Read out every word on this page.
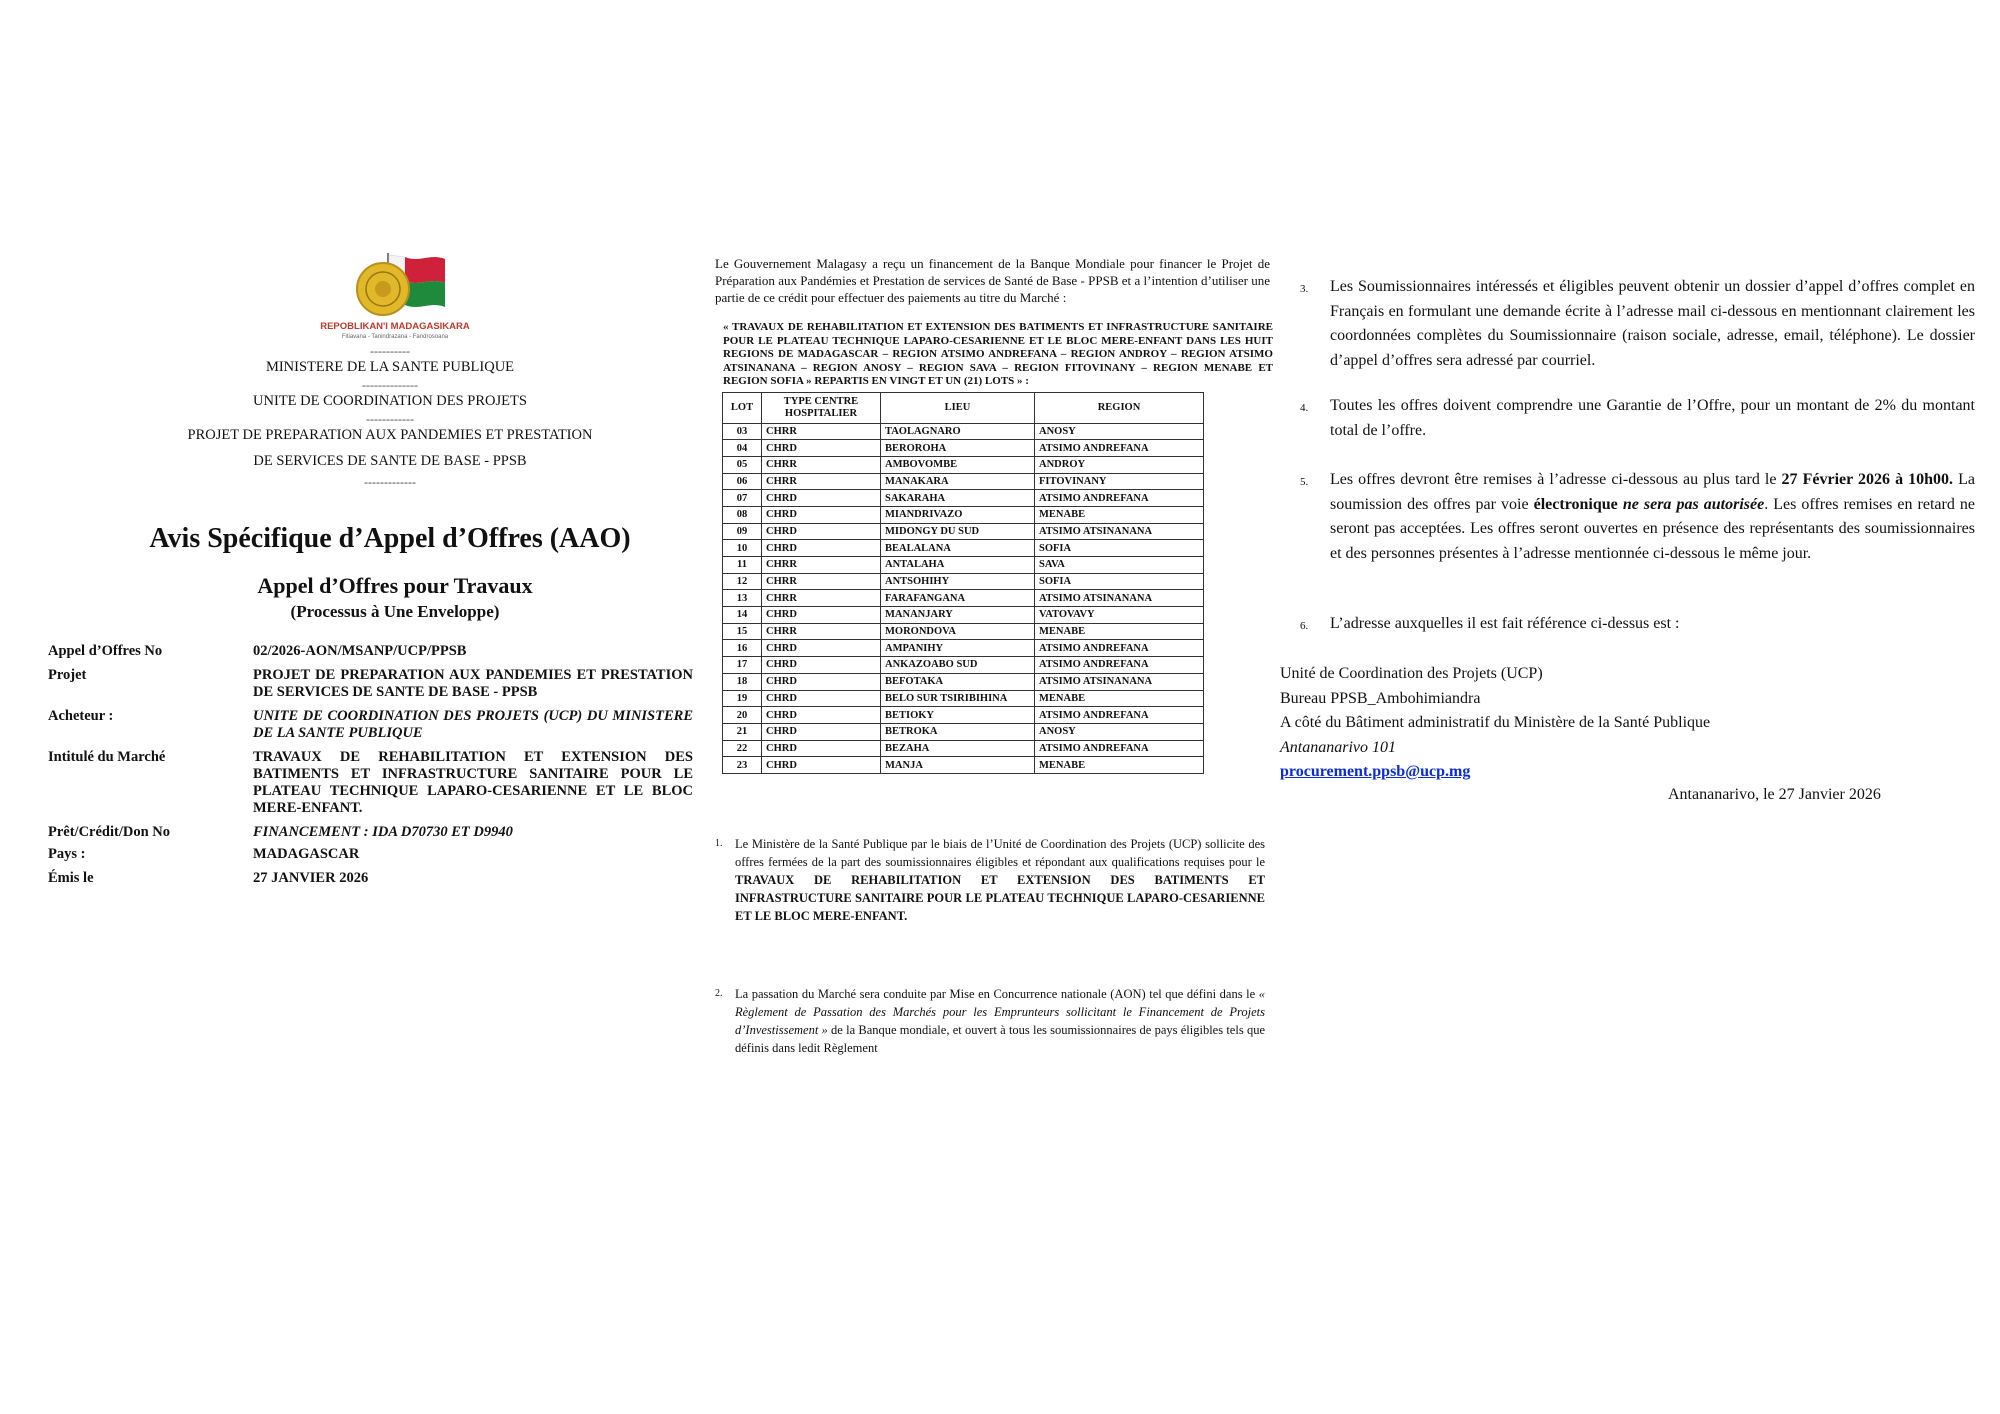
REPOBLIKAN'I MADAGASIKARA
Fitiavana - Tanindrazana - Fandrosoana
----------
MINISTERE DE LA SANTE PUBLIQUE
--------------
UNITE DE COORDINATION DES PROJETS
------------
PROJET DE PREPARATION AUX PANDEMIES ET PRESTATION
DE SERVICES DE SANTE DE BASE - PPSB
-------------
Avis Spécifique d’Appel d’Offres (AAO)
Appel d’Offres pour Travaux
(Processus à Une Enveloppe)
Appel d’Offres No	02/2026-AON/MSANP/UCP/PPSB
Projet	PROJET DE PREPARATION AUX PANDEMIES ET PRESTATION DE SERVICES DE SANTE DE BASE - PPSB
Acheteur :	UNITE DE COORDINATION DES PROJETS (UCP) DU MINISTERE DE LA SANTE PUBLIQUE
Intitulé du Marché	TRAVAUX DE REHABILITATION ET EXTENSION DES BATIMENTS ET INFRASTRUCTURE SANITAIRE POUR LE PLATEAU TECHNIQUE LAPARO-CESARIENNE ET LE BLOC MERE-ENFANT.
Prêt/Crédit/Don No	FINANCEMENT : IDA D70730 ET D9940
Pays :	MADAGASCAR
Émis le	27 JANVIER 2026
Le Gouvernement Malagasy a reçu un financement de la Banque Mondiale pour financer le Projet de Préparation aux Pandémies et Prestation de services de Santé de Base - PPSB et a l’intention d’utiliser une partie de ce crédit pour effectuer des paiements au titre du Marché :
« TRAVAUX DE REHABILITATION ET EXTENSION DES BATIMENTS ET INFRASTRUCTURE SANITAIRE POUR LE PLATEAU TECHNIQUE LAPARO-CESARIENNE ET LE BLOC MERE-ENFANT DANS LES HUIT REGIONS DE MADAGASCAR – REGION ATSIMO ANDREFANA – REGION ANDROY – REGION ATSIMO ATSINANANA – REGION ANOSY – REGION SAVA – REGION FITOVINANY – REGION MENABE ET REGION SOFIA » REPARTIS EN VINGT ET UN (21) LOTS » :
LOT	TYPE CENTRE HOSPITALIER	LIEU	REGION
03	CHRR	TAOLAGNARO	ANOSY
04	CHRD	BEROROHA	ATSIMO ANDREFANA
05	CHRR	AMBOVOMBE	ANDROY
06	CHRR	MANAKARA	FITOVINANY
07	CHRD	SAKARAHA	ATSIMO ANDREFANA
08	CHRD	MIANDRIVAZO	MENABE
09	CHRD	MIDONGY DU SUD	ATSIMO ATSINANANA
10	CHRD	BEALALANA	SOFIA
11	CHRR	ANTALAHA	SAVA
12	CHRR	ANTSOHIHY	SOFIA
13	CHRR	FARAFANGANA	ATSIMO ATSINANANA
14	CHRD	MANANJARY	VATOVAVY
15	CHRR	MORONDOVA	MENABE
16	CHRD	AMPANIHY	ATSIMO ANDREFANA
17	CHRD	ANKAZOABO SUD	ATSIMO ANDREFANA
18	CHRD	BEFOTAKA	ATSIMO ATSINANANA
19	CHRD	BELO SUR TSIRIBIHINA	MENABE
20	CHRD	BETIOKY	ATSIMO ANDREFANA
21	CHRD	BETROKA	ANOSY
22	CHRD	BEZAHA	ATSIMO ANDREFANA
23	CHRD	MANJA	MENABE
1. Le Ministère de la Santé Publique par le biais de l’Unité de Coordination des Projets (UCP) sollicite des offres fermées de la part des soumissionnaires éligibles et répondant aux qualifications requises pour le TRAVAUX DE REHABILITATION ET EXTENSION DES BATIMENTS ET INFRASTRUCTURE SANITAIRE POUR LE PLATEAU TECHNIQUE LAPARO-CESARIENNE ET LE BLOC MERE-ENFANT.
2. La passation du Marché sera conduite par Mise en Concurrence nationale (AON) tel que défini dans le « Règlement de Passation des Marchés pour les Emprunteurs sollicitant le Financement de Projets d’Investissement » de la Banque mondiale, et ouvert à tous les soumissionnaires de pays éligibles tels que définis dans ledit Règlement
3. Les Soumissionnaires intéressés et éligibles peuvent obtenir un dossier d’appel d’offres complet en Français en formulant une demande écrite à l’adresse mail ci-dessous en mentionnant clairement les coordonnées complètes du Soumissionnaire (raison sociale, adresse, email, téléphone). Le dossier d’appel d’offres sera adressé par courriel.
4. Toutes les offres doivent comprendre une Garantie de l’Offre, pour un montant de 2% du montant total de l’offre.
5. Les offres devront être remises à l’adresse ci-dessous au plus tard le 27 Février 2026 à 10h00. La soumission des offres par voie électronique ne sera pas autorisée. Les offres remises en retard ne seront pas acceptées. Les offres seront ouvertes en présence des représentants des soumissionnaires et des personnes présentes à l’adresse mentionnée ci-dessous le même jour.
6. L’adresse auxquelles il est fait référence ci-dessus est :
Unité de Coordination des Projets (UCP)
Bureau PPSB_Ambohimiandra
A côté du Bâtiment administratif du Ministère de la Santé Publique
Antananarivo 101
procurement.ppsb@ucp.mg
Antananarivo, le 27 Janvier 2026
